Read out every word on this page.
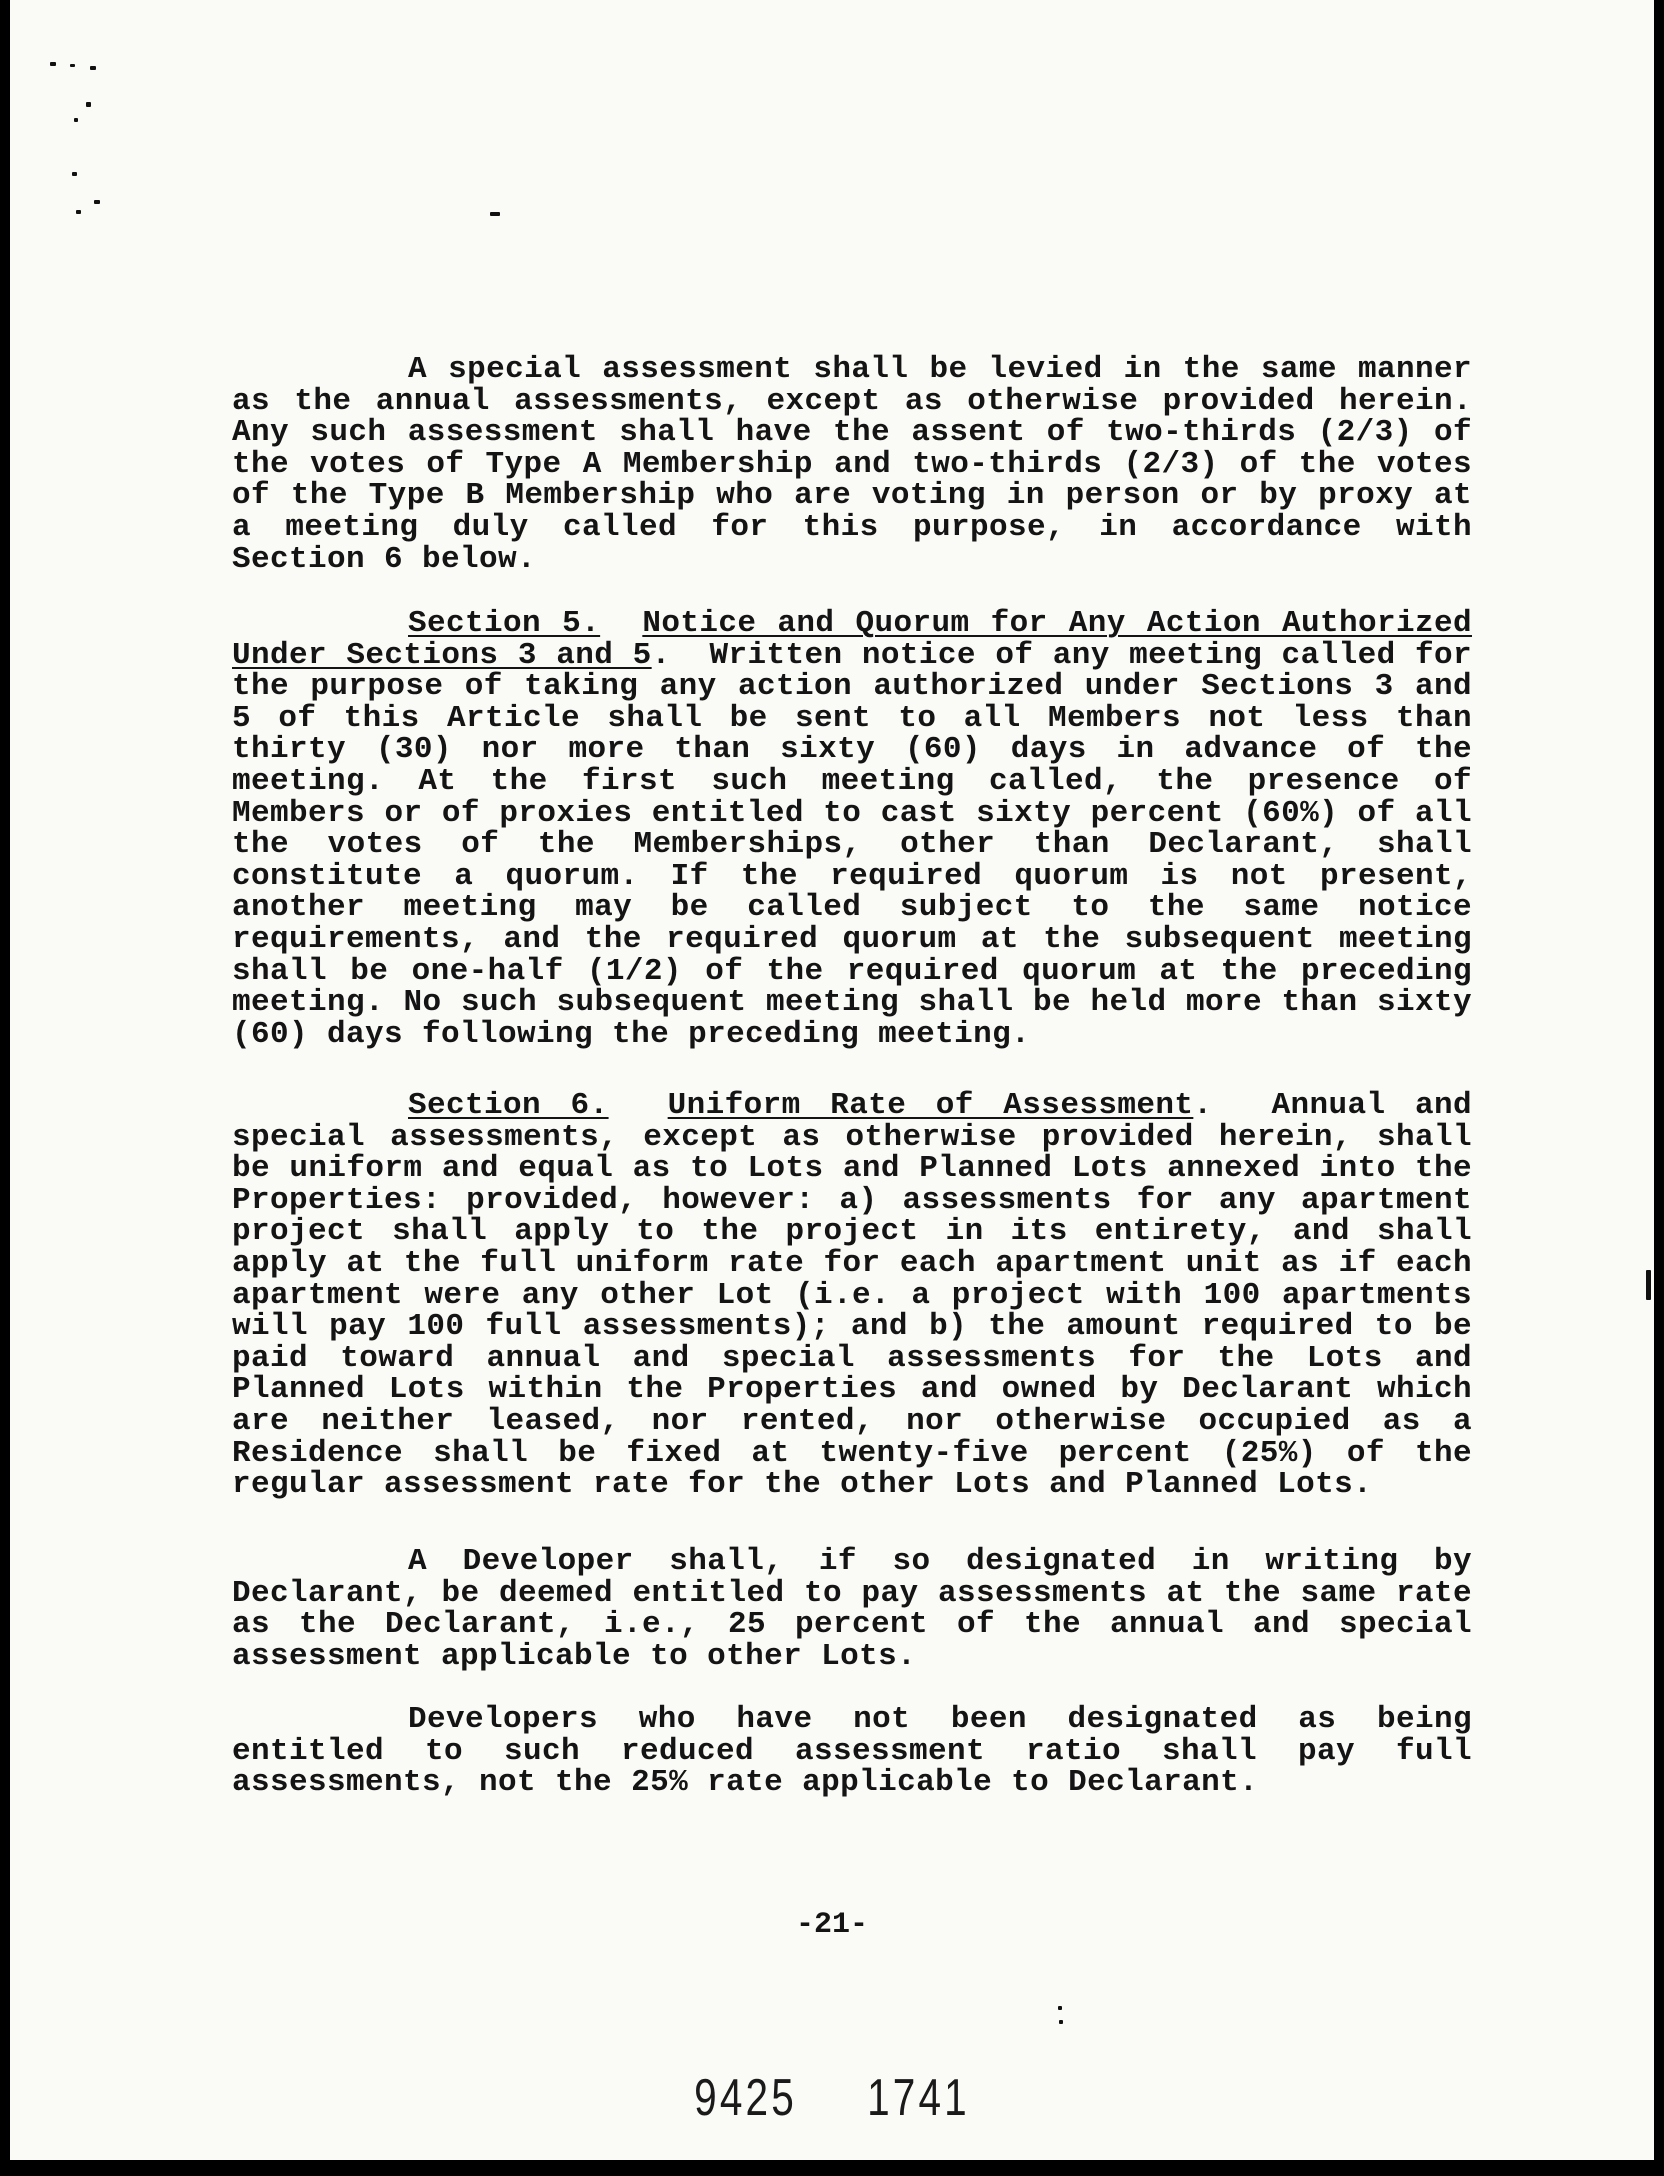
A special assessment shall be levied in the same manner as the annual assessments, except as otherwise provided herein. Any such assessment shall have the assent of two-thirds (2/3) of the votes of Type A Membership and two-thirds (2/3) of the votes of the Type B Membership who are voting in person or by proxy at a meeting duly called for this purpose, in accordance with Section 6 below.
Section 5. Notice and Quorum for Any Action Authorized Under Sections 3 and 5. Written notice of any meeting called for the purpose of taking any action authorized under Sections 3 and 5 of this Article shall be sent to all Members not less than thirty (30) nor more than sixty (60) days in advance of the meeting. At the first such meeting called, the presence of Members or of proxies entitled to cast sixty percent (60%) of all the votes of the Memberships, other than Declarant, shall constitute a quorum. If the required quorum is not present, another meeting may be called subject to the same notice requirements, and the required quorum at the subsequent meeting shall be one-half (1/2) of the required quorum at the preceding meeting. No such subsequent meeting shall be held more than sixty (60) days following the preceding meeting.
Section 6. Uniform Rate of Assessment. Annual and special assessments, except as otherwise provided herein, shall be uniform and equal as to Lots and Planned Lots annexed into the Properties: provided, however: a) assessments for any apartment project shall apply to the project in its entirety, and shall apply at the full uniform rate for each apartment unit as if each apartment were any other Lot (i.e. a project with 100 apartments will pay 100 full assessments); and b) the amount required to be paid toward annual and special assessments for the Lots and Planned Lots within the Properties and owned by Declarant which are neither leased, nor rented, nor otherwise occupied as a Residence shall be fixed at twenty-five percent (25%) of the regular assessment rate for the other Lots and Planned Lots.
A Developer shall, if so designated in writing by Declarant, be deemed entitled to pay assessments at the same rate as the Declarant, i.e., 25 percent of the annual and special assessment applicable to other Lots.
Developers who have not been designated as being entitled to such reduced assessment ratio shall pay full assessments, not the 25% rate applicable to Declarant.
-21-
9425 1741
